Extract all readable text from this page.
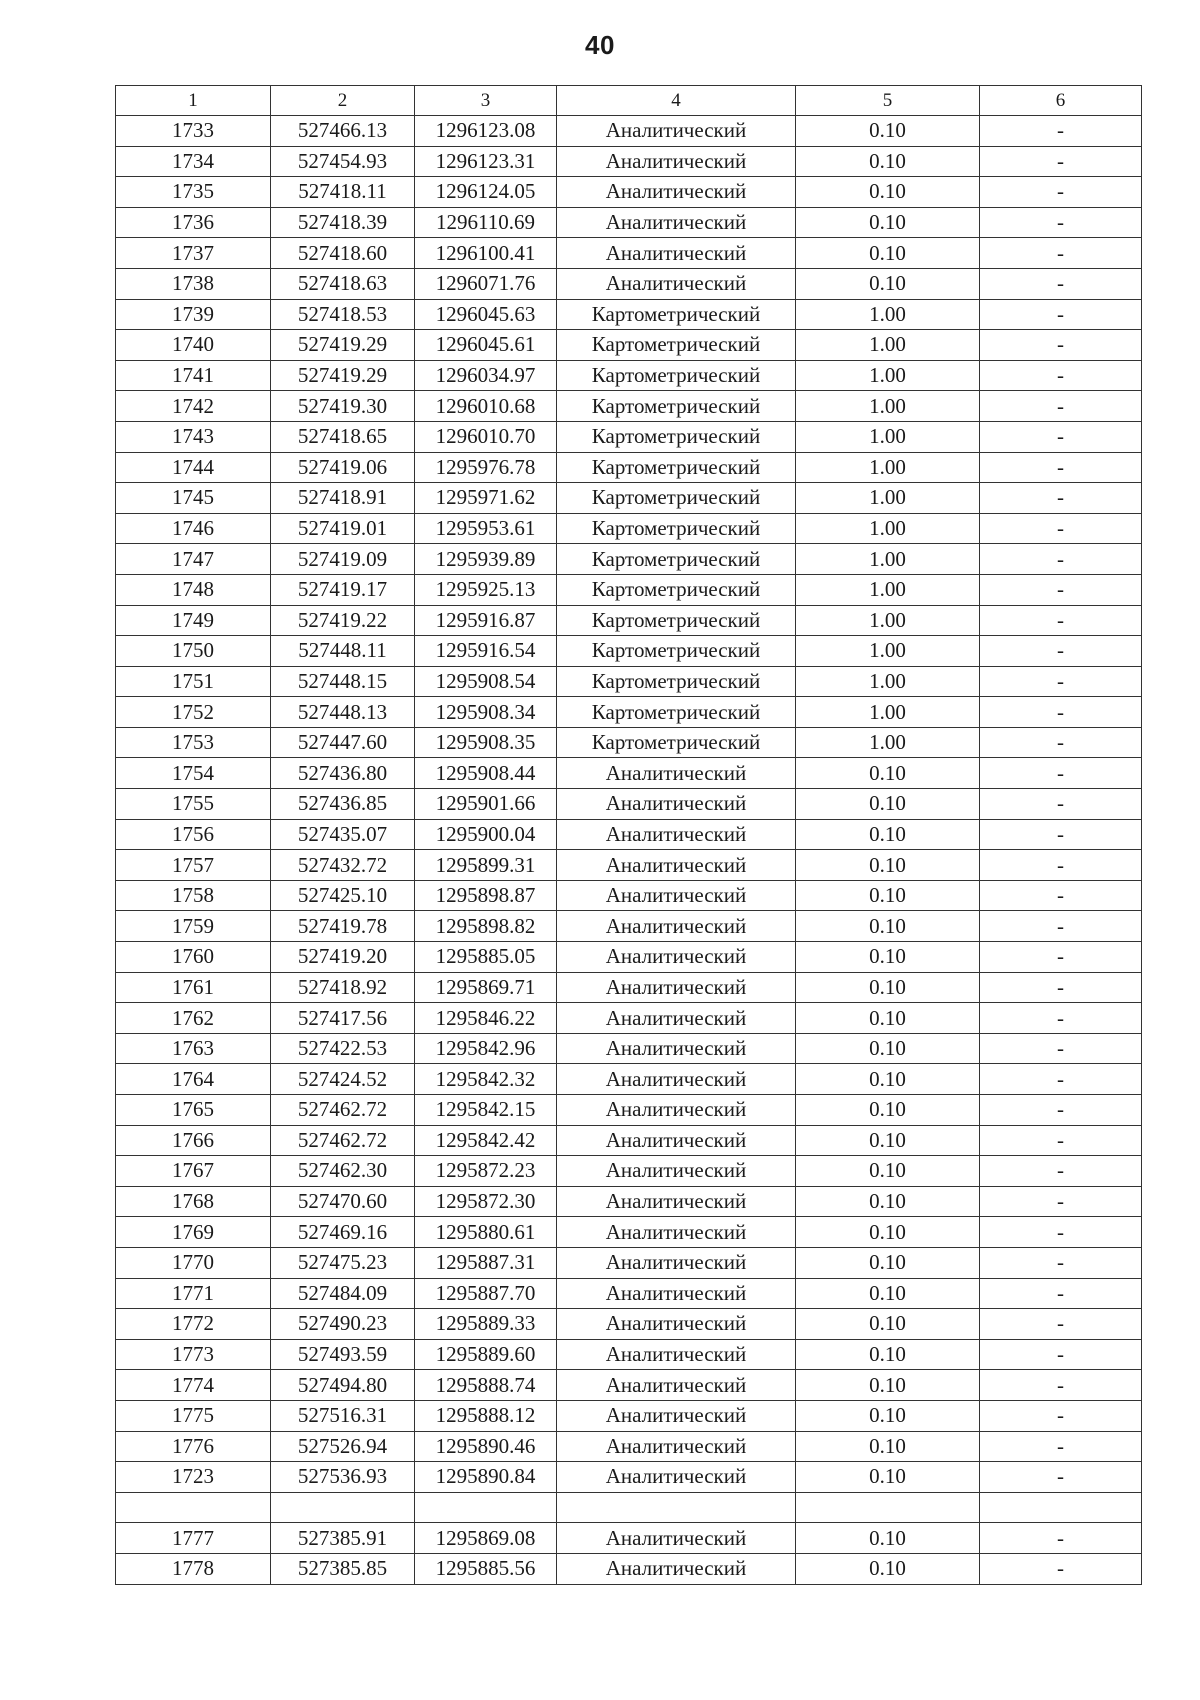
40
1	2	3	4	5	6
1733	527466.13	1296123.08	Аналитический	0.10	-
1734	527454.93	1296123.31	Аналитический	0.10	-
1735	527418.11	1296124.05	Аналитический	0.10	-
1736	527418.39	1296110.69	Аналитический	0.10	-
1737	527418.60	1296100.41	Аналитический	0.10	-
1738	527418.63	1296071.76	Аналитический	0.10	-
1739	527418.53	1296045.63	Картометрический	1.00	-
1740	527419.29	1296045.61	Картометрический	1.00	-
1741	527419.29	1296034.97	Картометрический	1.00	-
1742	527419.30	1296010.68	Картометрический	1.00	-
1743	527418.65	1296010.70	Картометрический	1.00	-
1744	527419.06	1295976.78	Картометрический	1.00	-
1745	527418.91	1295971.62	Картометрический	1.00	-
1746	527419.01	1295953.61	Картометрический	1.00	-
1747	527419.09	1295939.89	Картометрический	1.00	-
1748	527419.17	1295925.13	Картометрический	1.00	-
1749	527419.22	1295916.87	Картометрический	1.00	-
1750	527448.11	1295916.54	Картометрический	1.00	-
1751	527448.15	1295908.54	Картометрический	1.00	-
1752	527448.13	1295908.34	Картометрический	1.00	-
1753	527447.60	1295908.35	Картометрический	1.00	-
1754	527436.80	1295908.44	Аналитический	0.10	-
1755	527436.85	1295901.66	Аналитический	0.10	-
1756	527435.07	1295900.04	Аналитический	0.10	-
1757	527432.72	1295899.31	Аналитический	0.10	-
1758	527425.10	1295898.87	Аналитический	0.10	-
1759	527419.78	1295898.82	Аналитический	0.10	-
1760	527419.20	1295885.05	Аналитический	0.10	-
1761	527418.92	1295869.71	Аналитический	0.10	-
1762	527417.56	1295846.22	Аналитический	0.10	-
1763	527422.53	1295842.96	Аналитический	0.10	-
1764	527424.52	1295842.32	Аналитический	0.10	-
1765	527462.72	1295842.15	Аналитический	0.10	-
1766	527462.72	1295842.42	Аналитический	0.10	-
1767	527462.30	1295872.23	Аналитический	0.10	-
1768	527470.60	1295872.30	Аналитический	0.10	-
1769	527469.16	1295880.61	Аналитический	0.10	-
1770	527475.23	1295887.31	Аналитический	0.10	-
1771	527484.09	1295887.70	Аналитический	0.10	-
1772	527490.23	1295889.33	Аналитический	0.10	-
1773	527493.59	1295889.60	Аналитический	0.10	-
1774	527494.80	1295888.74	Аналитический	0.10	-
1775	527516.31	1295888.12	Аналитический	0.10	-
1776	527526.94	1295890.46	Аналитический	0.10	-
1723	527536.93	1295890.84	Аналитический	0.10	-

1777	527385.91	1295869.08	Аналитический	0.10	-
1778	527385.85	1295885.56	Аналитический	0.10	-
